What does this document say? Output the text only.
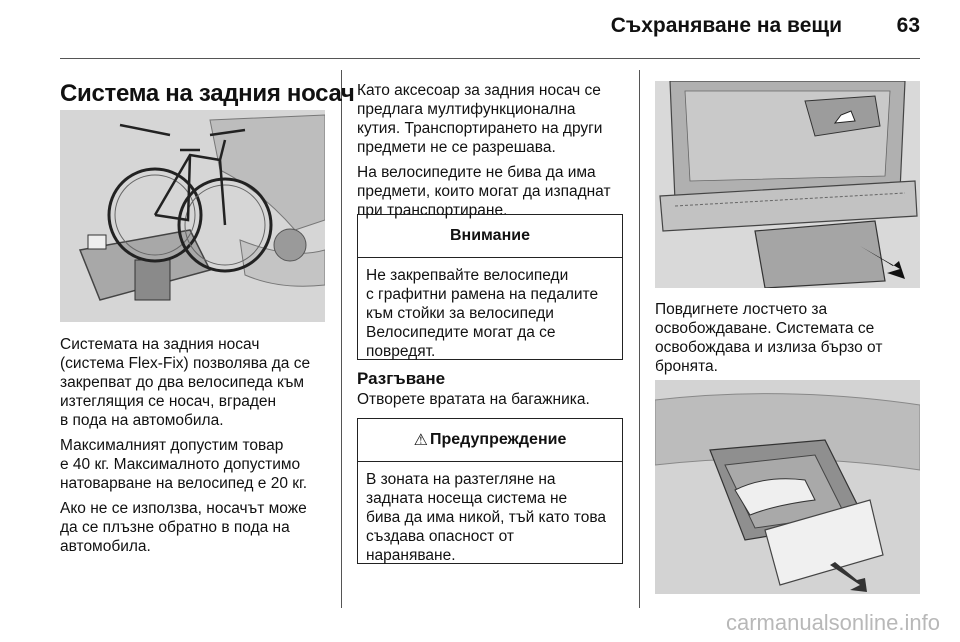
Съхраняване на вещи	63
Система на задния носач

Системата на задния носач
(система Flex-Fix) позволява да се
закрепват до два велосипеда към
изтеглящия се носач, вграден
в пода на автомобила.

Максималният допустим товар
е 40 кг. Максималното допустимо
натоварване на велосипед е 20 кг.

Ако не се използва, носачът може
да се плъзне обратно в пода на
автомобила.

Като аксесоар за задния носач се
предлага мултифункционална
кутия. Транспортирането на други
предмети не се разрешава.

На велосипедите не бива да има
предмети, които могат да изпаднат
при транспортиране.

Внимание
Не закрепвайте велосипеди
с графитни рамена на педалите
към стойки за велосипеди
Велосипедите могат да се
повредят.
Разгъване
Отворете вратата на багажника.
⚠ Предупреждение
В зоната на разтегляне на
задната носеща система не
бива да има никой, тъй като това
създава опасност от
нараняване.

Повдигнете лостчето за
освобождаване. Системата се
освобождава и излиза бързо от
бронята.

carmanualsonline.info
